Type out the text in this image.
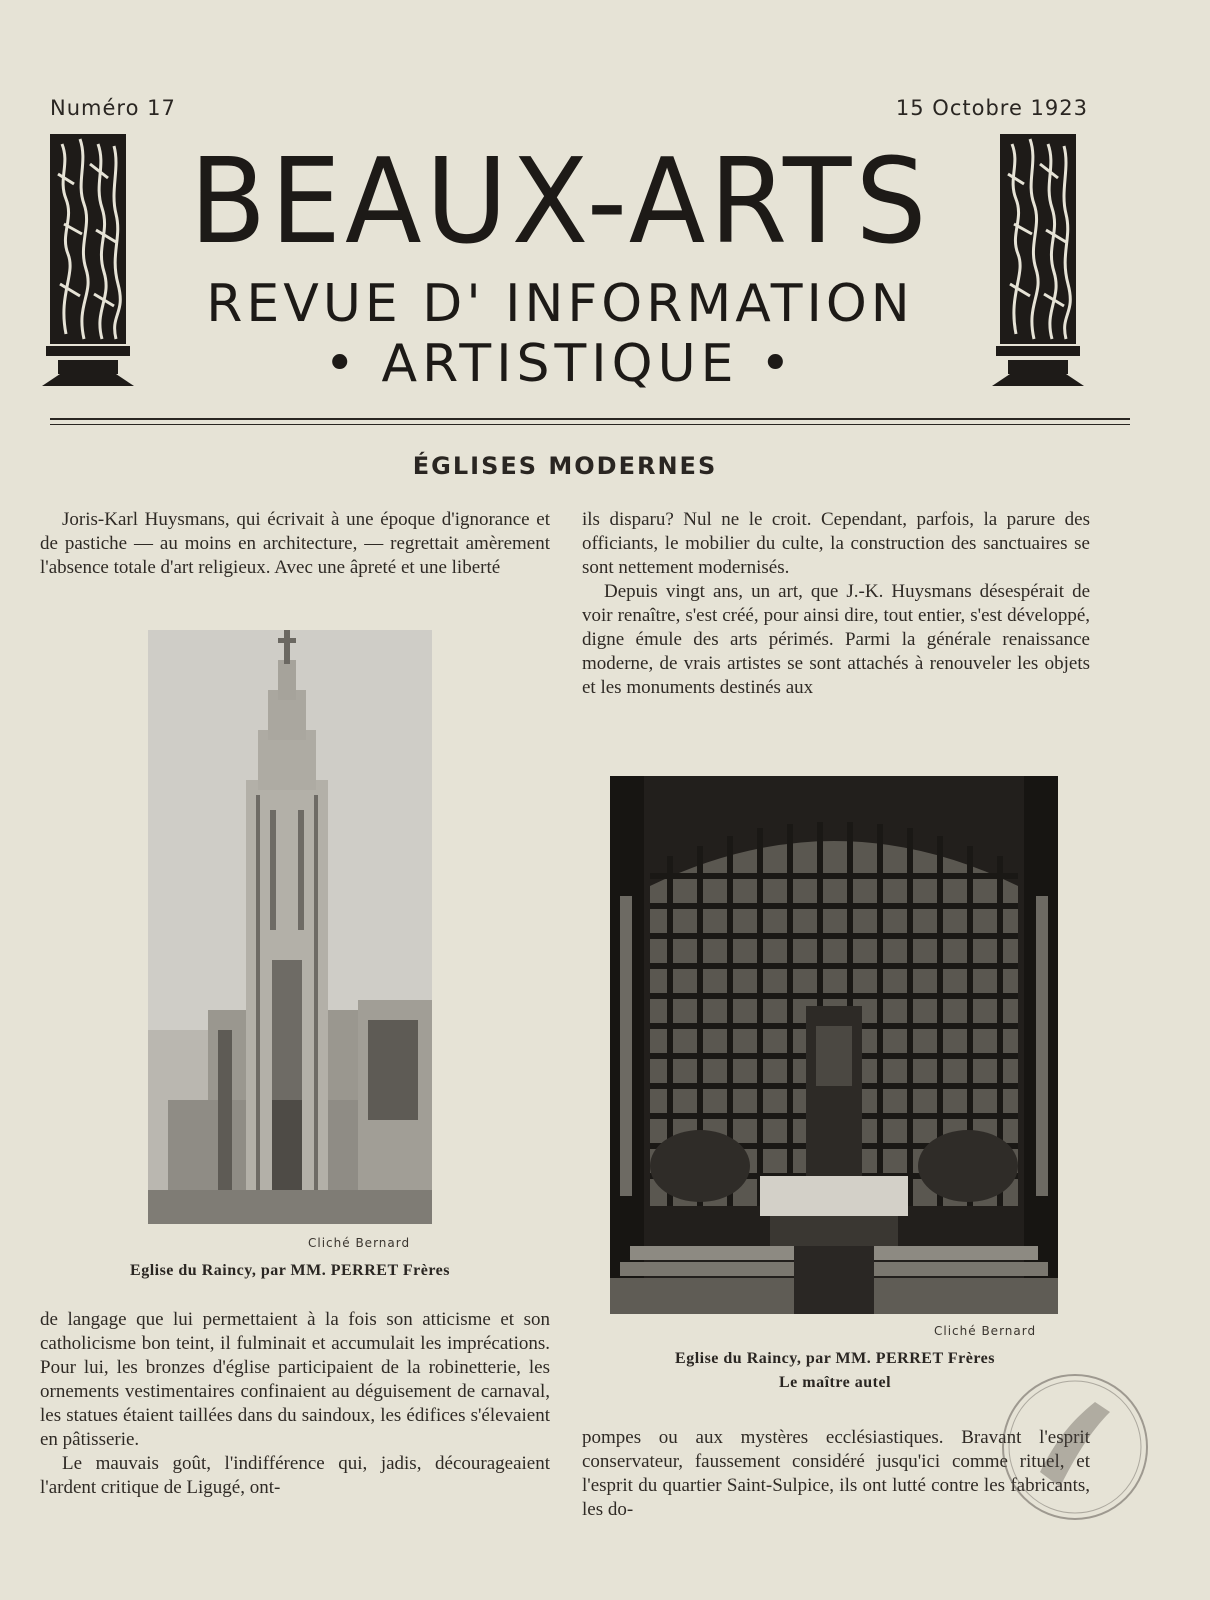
Numéro 17	15 Octobre 1923
BEAUX-ARTS
REVUE D' INFORMATION
• ARTISTIQUE •
ÉGLISES MODERNES

Joris-Karl Huysmans, qui écrivait à une époque d'ignorance et de pastiche — au moins en architecture, — regrettait amèrement l'absence totale d'art religieux. Avec une âpreté et une liberté

Cliché Bernard
Eglise du Raincy, par MM. PERRET Frères

de langage que lui permettaient à la fois son atticisme et son catholicisme bon teint, il fulminait et accumulait les imprécations. Pour lui, les bronzes d'église participaient de la robinetterie, les ornements vestimentaires confinaient au déguisement de carnaval, les statues étaient taillées dans du saindoux, les édifices s'élevaient en pâtisserie.

Le mauvais goût, l'indifférence qui, jadis, décourageaient l'ardent critique de Ligugé, ont-

ils disparu? Nul ne le croit. Cependant, parfois, la parure des officiants, le mobilier du culte, la construction des sanctuaires se sont nettement modernisés.

Depuis vingt ans, un art, que J.-K. Huysmans désespérait de voir renaître, s'est créé, pour ainsi dire, tout entier, s'est développé, digne émule des arts périmés. Parmi la générale renaissance moderne, de vrais artistes se sont attachés à renouveler les objets et les monuments destinés aux

Cliché Bernard
Eglise du Raincy, par MM. PERRET Frères
Le maître autel

pompes ou aux mystères ecclésiastiques. Bravant l'esprit conservateur, faussement considéré jusqu'ici comme rituel, et l'esprit du quartier Saint-Sulpice, ils ont lutté contre les fabricants, les do-
